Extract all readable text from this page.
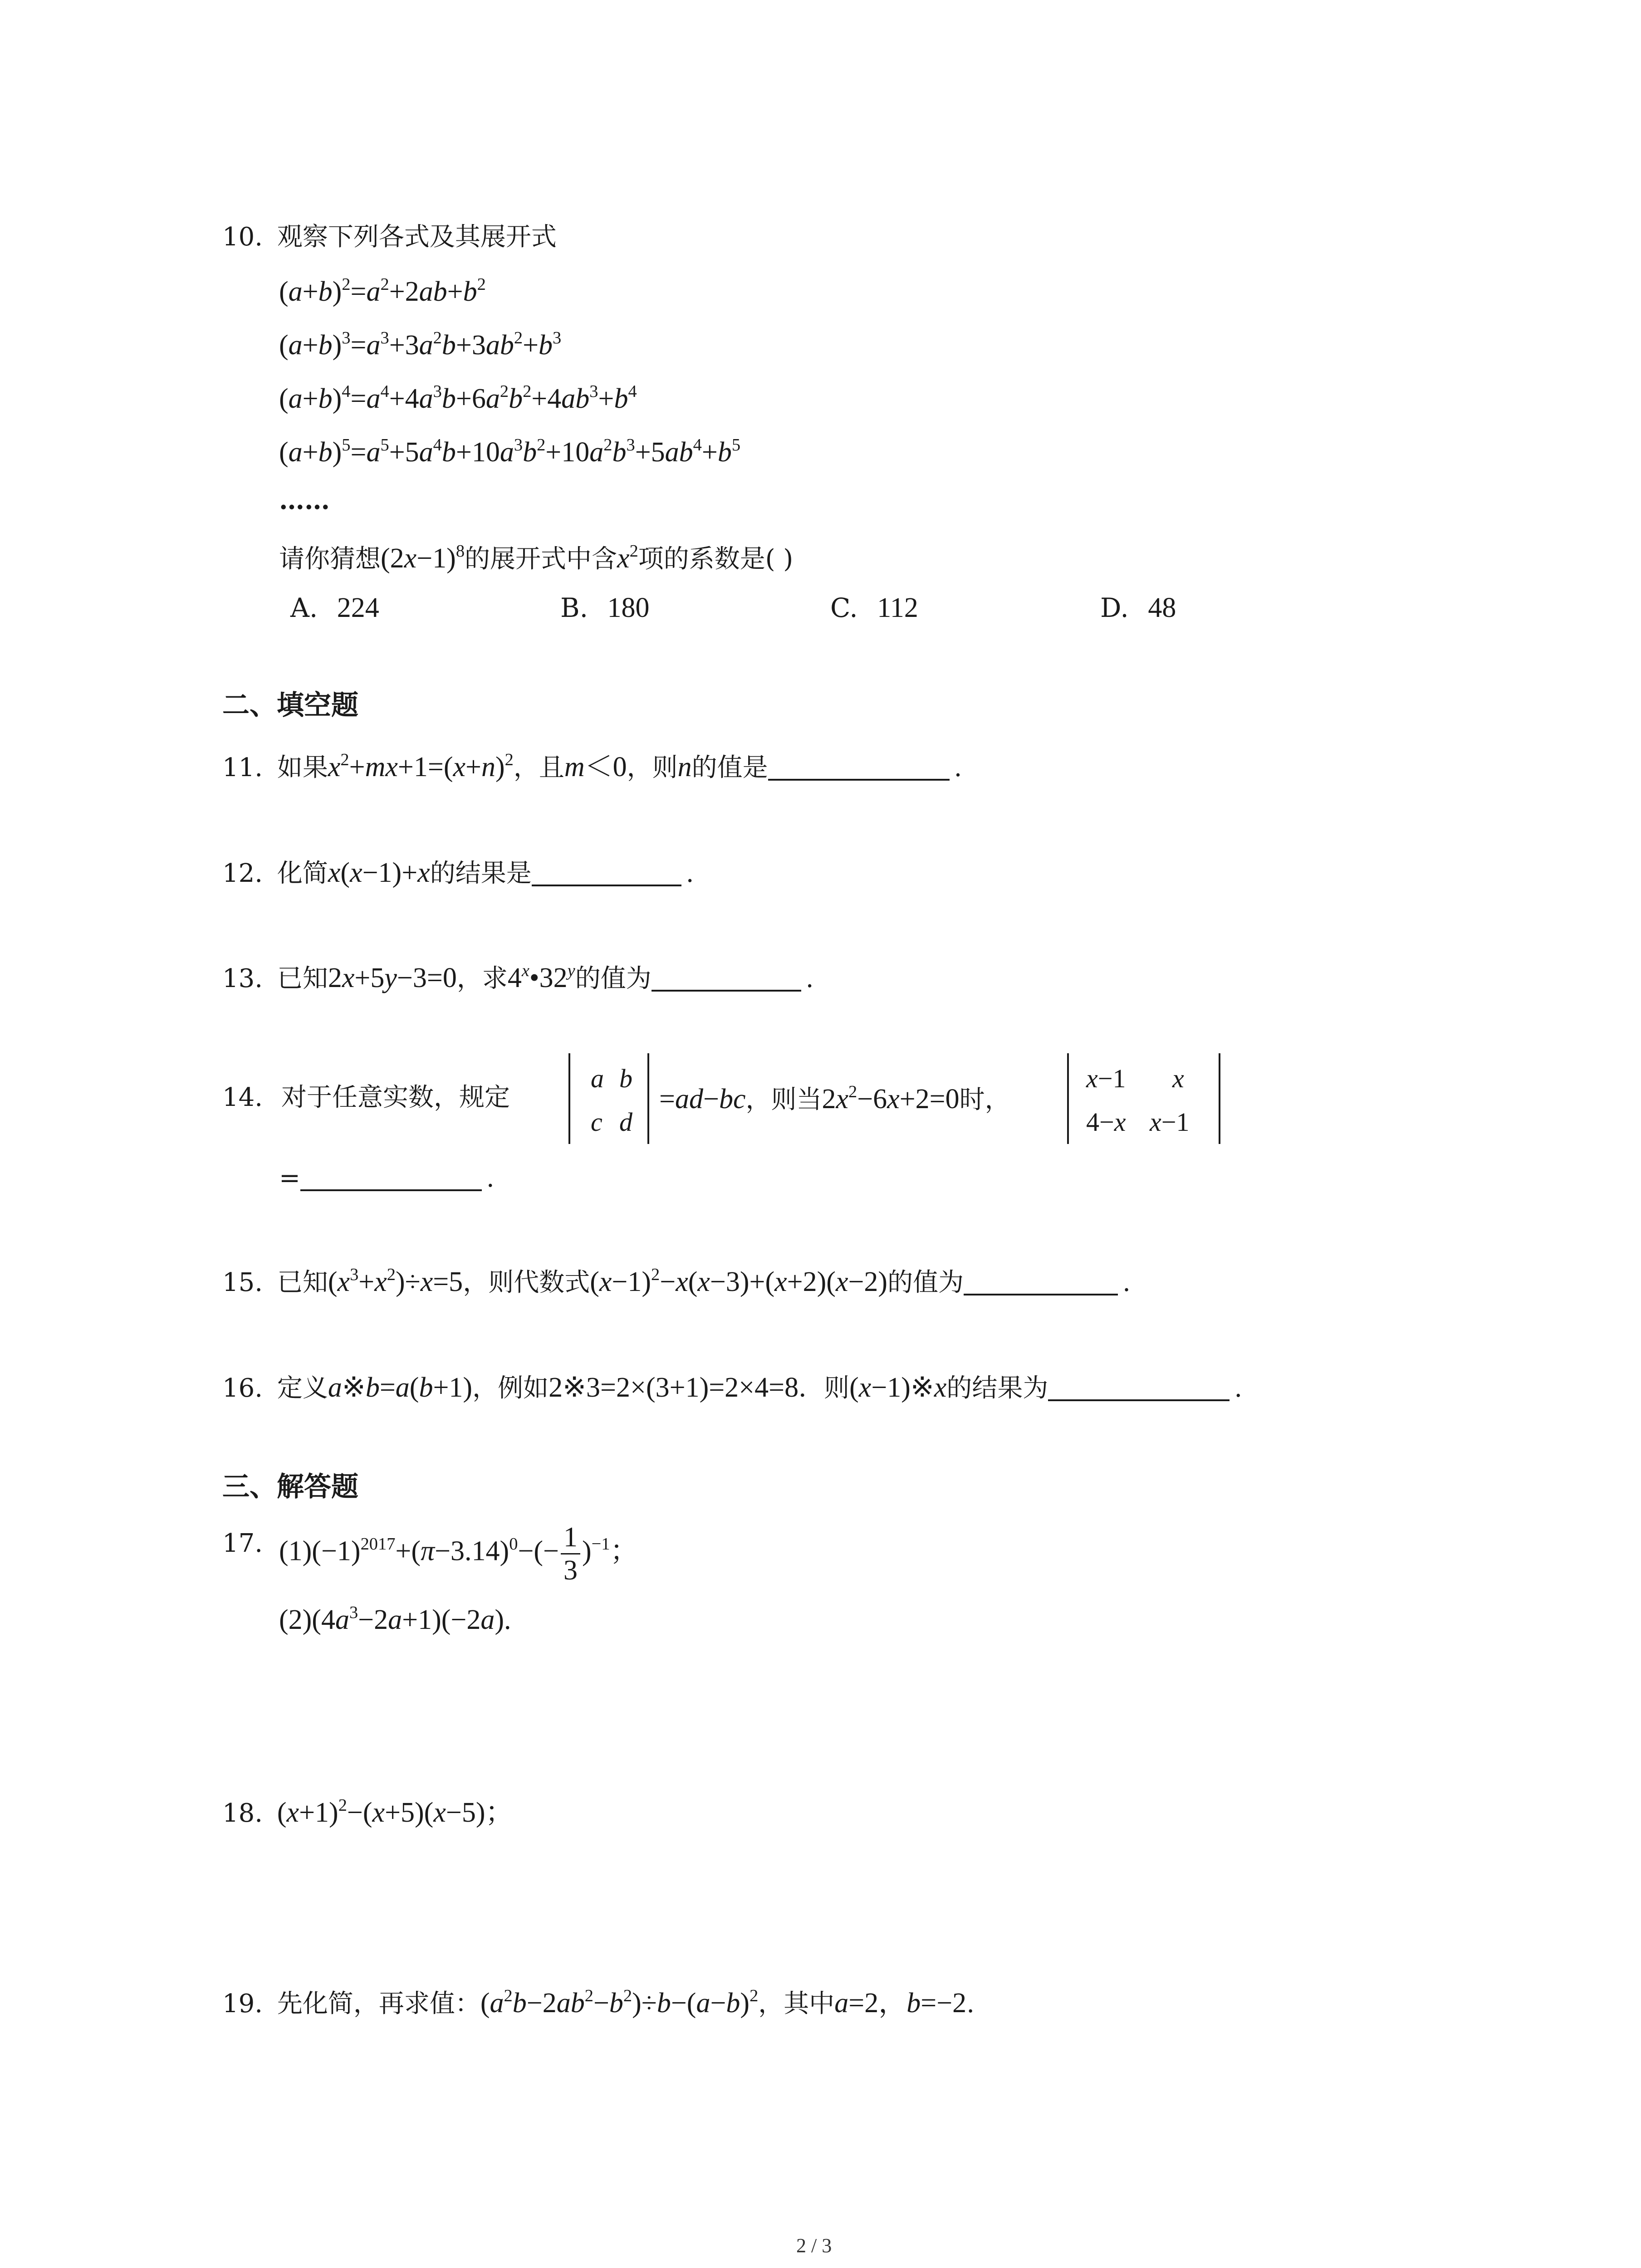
10. 观察下列各式及其展开式
$(a+b)^2=a^2+2ab+b^2$
$(a+b)^3=a^3+3a^2b+3ab^2+b^3$
$(a+b)^4=a^4+4a^3b+6a^2b^2+4ab^3+b^4$
$(a+b)^5=a^5+5a^4b+10a^3b^2+10a^2b^3+5ab^4+b^5$
……
请你猜想$(2x-1)^8$的展开式中含$x^2$项的系数是( )
A. 224	B. 180	C. 112	D. 48
二、填空题
11. 如果$x^2+mx+1=(x+n)^2$，且m＜0，则n的值是	.
12. 化简x(x−1)+x的结果是	.
13. 已知2x+5y−3=0，求4$^x$•32$^y$的值为	.
14. 对于任意实数，规定
a b
c d
=ad−bc，则当$2x^2-6x+2=0$时，
x−1 x
4−x x−1
=	.
15. 已知$(x^3+x^2)\div x=5$，则代数式$(x-1)^2-x(x-3)+(x+2)(x-2)$的值为	.
16. 定义a※b=a(b+1)，例如2※3=2×(3+1)=2×4=8．则(x−1)※x的结果为	.
三、解答题
17. $(1)(-1)^{2017}+(\pi-3.14)^0-(- \frac{1}{3} )^{-1}$；
$(2)(4a^3-2a+1)(-2a)$.
18. $(x+1)^2-(x+5)(x-5)$；
19. 先化简，再求值：$(a^2b-2ab^2-b^2)\div b-(a-b)^2$，其中a=2，b=−2.
2 / 3
